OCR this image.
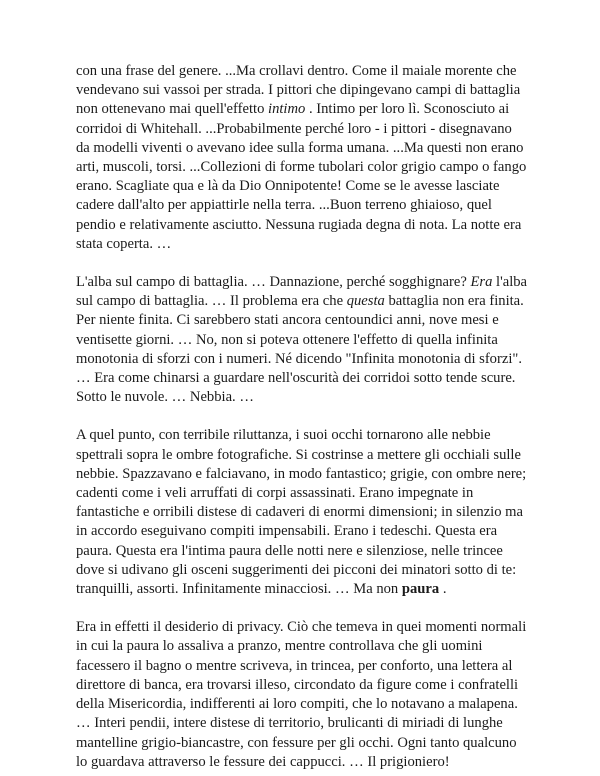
con una frase del genere. ...Ma crollavi dentro. Come il maiale morente che vendevano sui vassoi per strada. I pittori che dipingevano campi di battaglia non ottenevano mai quell'effetto intimo . Intimo per loro lì. Sconosciuto ai corridoi di Whitehall. ...Probabilmente perché loro - i pittori - disegnavano da modelli viventi o avevano idee sulla forma umana. ...Ma questi non erano arti, muscoli, torsi. ...Collezioni di forme tubolari color grigio campo o fango erano. Scagliate qua e là da Dio Onnipotente! Come se le avesse lasciate cadere dall'alto per appiattirle nella terra. ...Buon terreno ghiaioso, quel pendio e relativamente asciutto. Nessuna rugiada degna di nota. La notte era stata coperta. …

L'alba sul campo di battaglia. … Dannazione, perché sogghignare? Era l'alba sul campo di battaglia. … Il problema era che questa battaglia non era finita. Per niente finita. Ci sarebbero stati ancora centoundici anni, nove mesi e ventisette giorni. … No, non si poteva ottenere l'effetto di quella infinita monotonia di sforzi con i numeri. Né dicendo "Infinita monotonia di sforzi". … Era come chinarsi a guardare nell'oscurità dei corridoi sotto tende scure. Sotto le nuvole. … Nebbia. …

A quel punto, con terribile riluttanza, i suoi occhi tornarono alle nebbie spettrali sopra le ombre fotografiche. Si costrinse a mettere gli occhiali sulle nebbie. Spazzavano e falciavano, in modo fantastico; grigie, con ombre nere; cadenti come i veli arruffati di corpi assassinati. Erano impegnate in fantastiche e orribili distese di cadaveri di enormi dimensioni; in silenzio ma in accordo eseguivano compiti impensabili. Erano i tedeschi. Questa era paura. Questa era l'intima paura delle notti nere e silenziose, nelle trincee dove si udivano gli osceni suggerimenti dei picconi dei minatori sotto di te: tranquilli, assorti. Infinitamente minacciosi. … Ma non paura .

Era in effetti il desiderio di privacy. Ciò che temeva in quei momenti normali in cui la paura lo assaliva a pranzo, mentre controllava che gli uomini facessero il bagno o mentre scriveva, in trincea, per conforto, una lettera al direttore di banca, era trovarsi illeso, circondato da figure come i confratelli della Misericordia, indifferenti ai loro compiti, che lo notavano a malapena. … Interi pendii, intere distese di territorio, brulicanti di miriadi di lunghe mantelline grigio-biancastre, con fessure per gli occhi. Ogni tanto qualcuno lo guardava attraverso le fessure dei cappucci. … Il prigioniero!
